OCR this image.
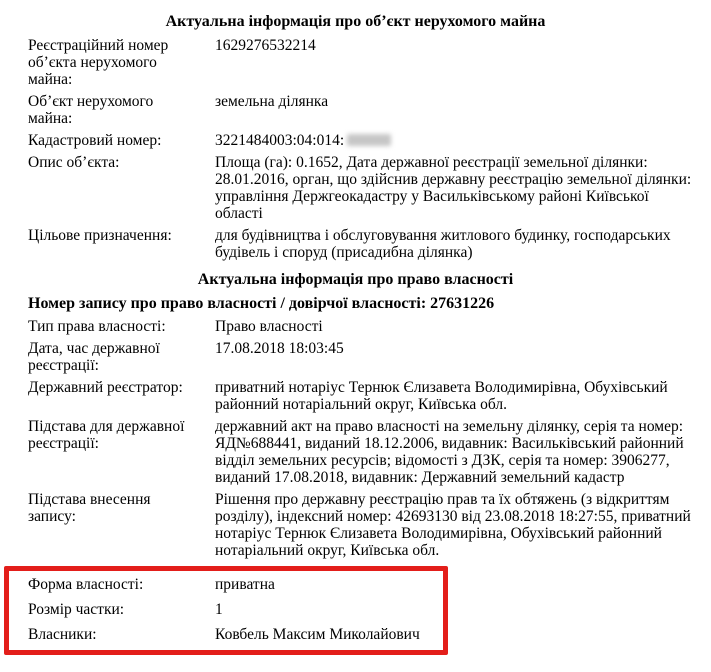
Актуальна інформація про об’єкт нерухомого майна
Реєстраційний номер об’єкта нерухомого майна:
1629276532214
Об’єкт нерухомого майна:
земельна ділянка
Кадастровий номер:	3221484003:04:014:
Опис об’єкта:	Площа (га): 0.1652, Дата державної реєстрації земельної ділянки: 28.01.2016, орган, що здійснив державну реєстрацію земельної ділянки: управління Держгеокадастру у Васильківському районі Київської області
Цільове призначення:	для будівництва і обслуговування житлового будинку, господарських будівель і споруд (присадибна ділянка)
Актуальна інформація про право власності
Номер запису про право власності / довірчої власності: 27631226
Тип права власності:	Право власності
Дата, час державної реєстрації:
17.08.2018 18:03:45
Державний реєстратор:	приватний нотаріус Тернюк Єлизавета Володимирівна, Обухівський районний нотаріальний округ, Київська обл.
Підстава для державної реєстрації:
державний акт на право власності на земельну ділянку, серія та номер: ЯД№688441, виданий 18.12.2006, видавник: Васильківський районний відділ земельних ресурсів; відомості з ДЗК, серія та номер: 3906277, виданий 17.08.2018, видавник: Державний земельний кадастр
Підстава внесення запису:
Рішення про державну реєстрацію прав та їх обтяжень (з відкриттям розділу), індексний номер: 42693130 від 23.08.2018 18:27:55, приватний нотаріус Тернюк Єлизавета Володимирівна, Обухівський районний нотаріальний округ, Київська обл.
Форма власності:	приватна
Розмір частки:	1
Власники:	Ковбель Максим Миколайович
